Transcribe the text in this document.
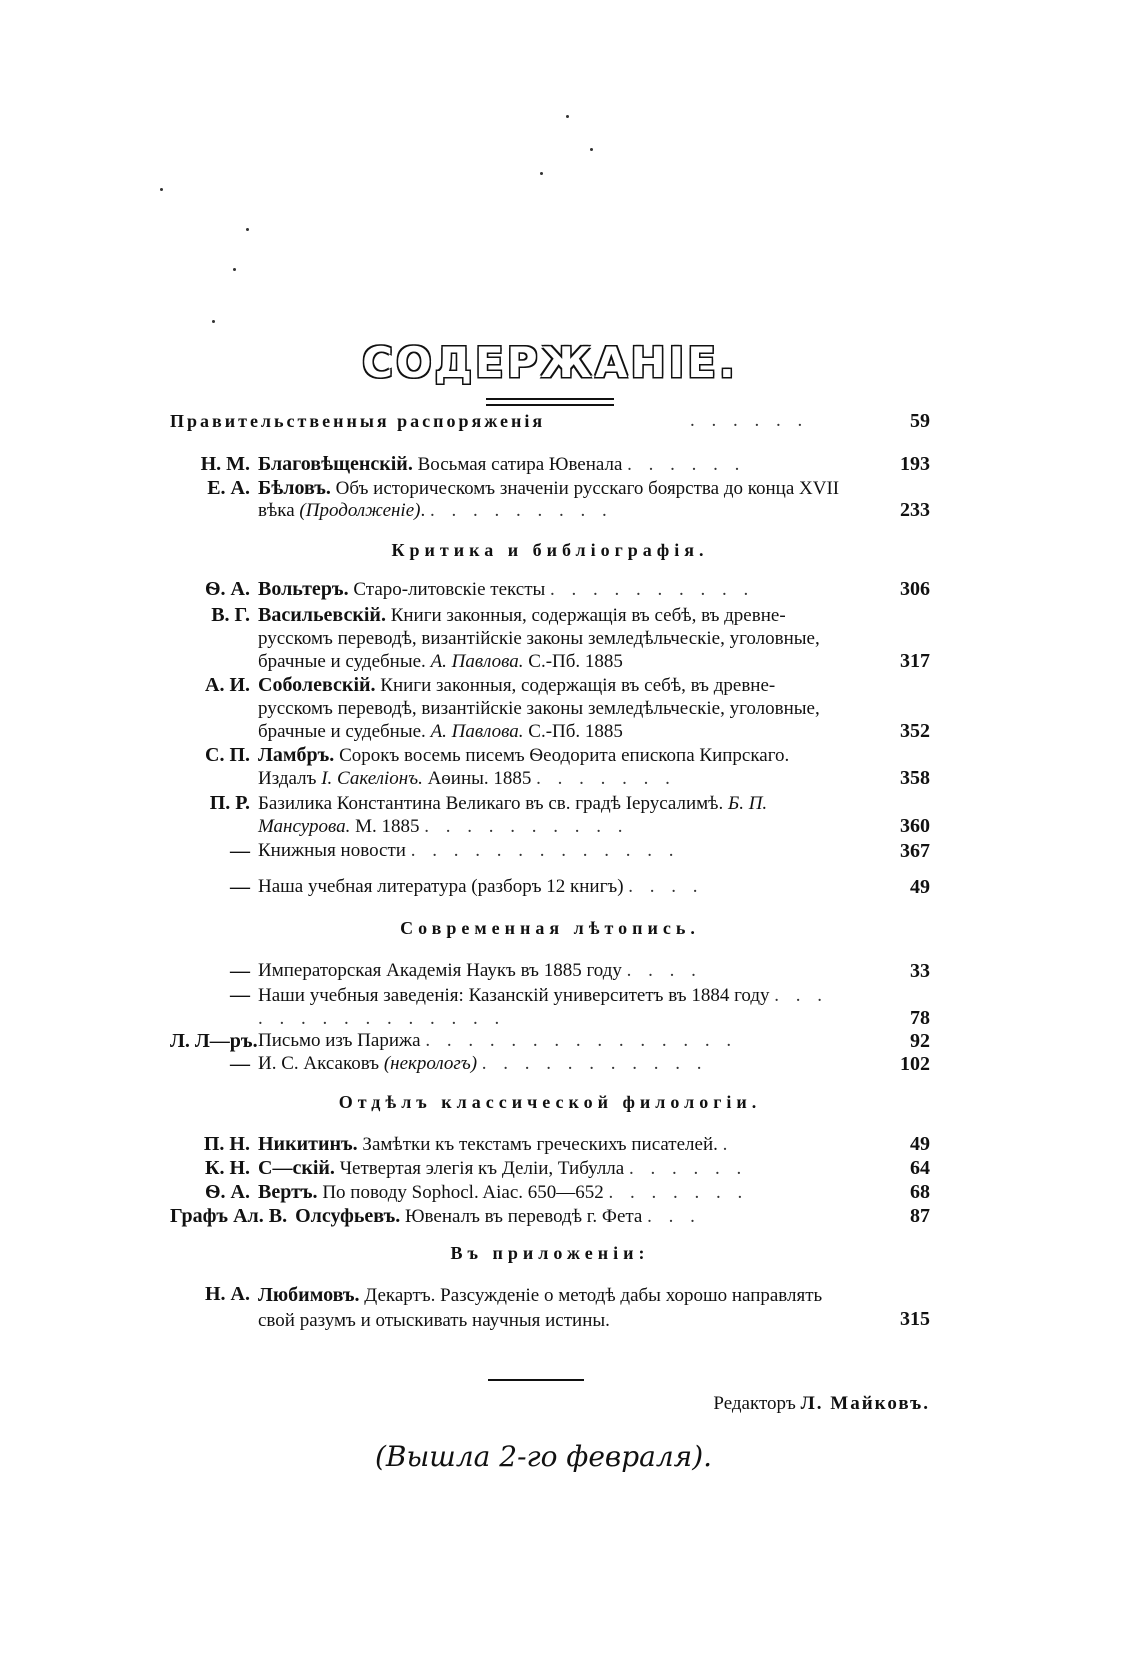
СОДЕРЖАНІЕ.
Правительственныя распоряженія	. . . . . .	59
Н. М. Благовѣщенскій. Восьмая сатира Ювенала . . . . . .	193
Е. А. Бѣловъ. Объ историческомъ значеніи русскаго боярства до конца XVII вѣка (Продолженіе). . . . . . . . . .	233
Критика и библіографія.
Ѳ. А. Вольтеръ. Старо-литовскіе тексты . . . . . . . . . .	306
В. Г. Васильевскій. Книги законныя, содержащія въ себѣ, въ древне-русскомъ переводѣ, византійскіе законы земледѣльческіе, уголовные, брачные и судебные. А. Павлова. С.-Пб. 1885	317
А. И. Соболевскій. Книги законныя, содержащія въ себѣ, въ древне-русскомъ переводѣ, византійскіе законы земледѣльческіе, уголовные, брачные и судебные. А. Павлова. С.-Пб. 1885	352
С. П. Ламбръ. Сорокъ восемь писемъ Ѳеодорита епископа Кипрскаго. Издалъ І. Сакеліонъ. Аѳины. 1885 . . . . . . .	358
П. Р. Базилика Константина Великаго въ св. градѣ Іерусалимѣ. Б. П. Мансурова. М. 1885 . . . . . . . . . .	360
— Книжныя новости . . . . . . . . . . . . .	367
— Наша учебная литература (разборъ 12 книгъ) . . . .	49
Современная лѣтопись.
— Императорская Академія Наукъ въ 1885 году . . . .	33
— Наши учебныя заведенія: Казанскій университетъ въ 1884 году . . . . . . . . . . . . . . .	78
Л. Л—ръ.Письмо изъ Парижа . . . . . . . . . . . . . . .	92
— И. С. Аксаковъ (некрологъ) . . . . . . . . . . .	102
Отдѣлъ классической филологіи.
П. Н. Никитинъ. Замѣтки къ текстамъ греческихъ писателей. .	49
К. Н. С—скій. Четвертая элегія къ Деліи, Тибулла . . . . . .	64
Ѳ. А. Вертъ. По поводу Sophocl. Aiac. 650—652 . . . . . . .	68
Графъ Ал. В. Олсуфьевъ. Ювеналъ въ переводѣ г. Фета . . .	87
Въ приложеніи:
Н. А. Любимовъ. Декартъ. Разсужденіе о методѣ дабы хорошо направлять свой разумъ и отыскивать научныя истины.	315
Редакторъ Л. Майковъ.
(Вышла 2-го февраля).
